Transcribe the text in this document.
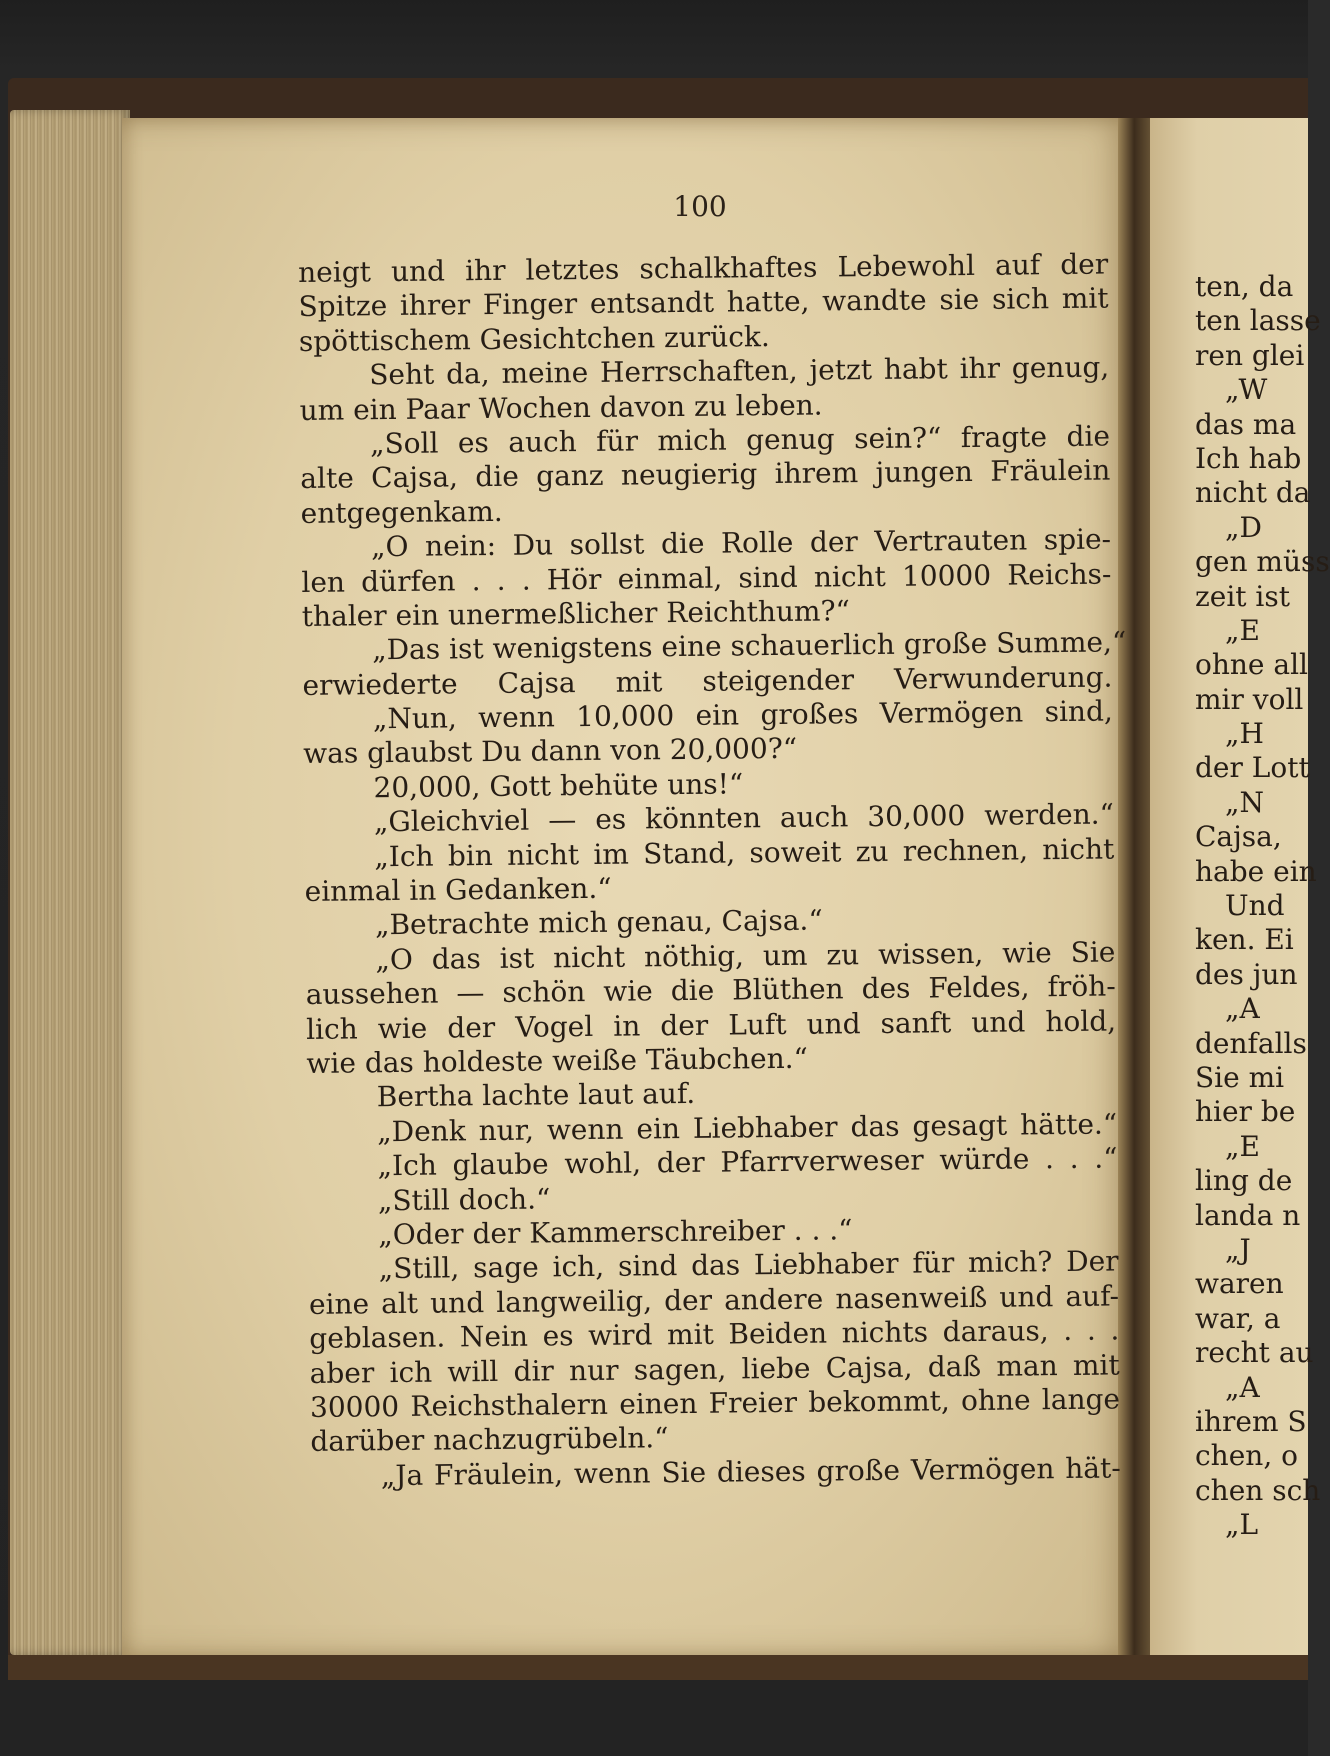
100
neigt und ihr letztes schalkhaftes Lebewohl auf der
Spitze ihrer Finger entsandt hatte, wandte sie sich mit
spöttischem Gesichtchen zurück.
Seht da, meine Herrschaften, jetzt habt ihr genug,
um ein Paar Wochen davon zu leben.
„Soll es auch für mich genug sein?“ fragte die
alte Cajsa, die ganz neugierig ihrem jungen Fräulein
entgegenkam.
„O nein: Du sollst die Rolle der Vertrauten spie-
len dürfen . . . Hör einmal, sind nicht 10000 Reichs-
thaler ein unermeßlicher Reichthum?“
„Das ist wenigstens eine schauerlich große Summe,“
erwiederte Cajsa mit steigender Verwunderung.
„Nun, wenn 10,000 ein großes Vermögen sind,
was glaubst Du dann von 20,000?“
20,000, Gott behüte uns!“
„Gleichviel — es könnten auch 30,000 werden.“
„Ich bin nicht im Stand, soweit zu rechnen, nicht
einmal in Gedanken.“
„Betrachte mich genau, Cajsa.“
„O das ist nicht nöthig, um zu wissen, wie Sie
aussehen — schön wie die Blüthen des Feldes, fröh-
lich wie der Vogel in der Luft und sanft und hold,
wie das holdeste weiße Täubchen.“
Bertha lachte laut auf.
„Denk nur, wenn ein Liebhaber das gesagt hätte.“
„Ich glaube wohl, der Pfarrverweser würde . . .“
„Still doch.“
„Oder der Kammerschreiber . . .“
„Still, sage ich, sind das Liebhaber für mich? Der
eine alt und langweilig, der andere nasenweiß und auf-
geblasen. Nein es wird mit Beiden nichts daraus, . . .
aber ich will dir nur sagen, liebe Cajsa, daß man mit
30000 Reichsthalern einen Freier bekommt, ohne lange
darüber nachzugrübeln.“
„Ja Fräulein, wenn Sie dieses große Vermögen hät-
ten, da
ten lasse
ren glei
„W
das ma
Ich hab
nicht da
„D
gen müss
zeit ist
„E
ohne all
mir voll
„H
der Lott
„N
Cajsa,
habe ein
Und
ken. Ei
des jun
„A
denfalls
Sie mi
hier be
„E
ling de
landa n
„J
waren
war, a
recht au
„A
ihrem S
chen, o
chen sch
„L
